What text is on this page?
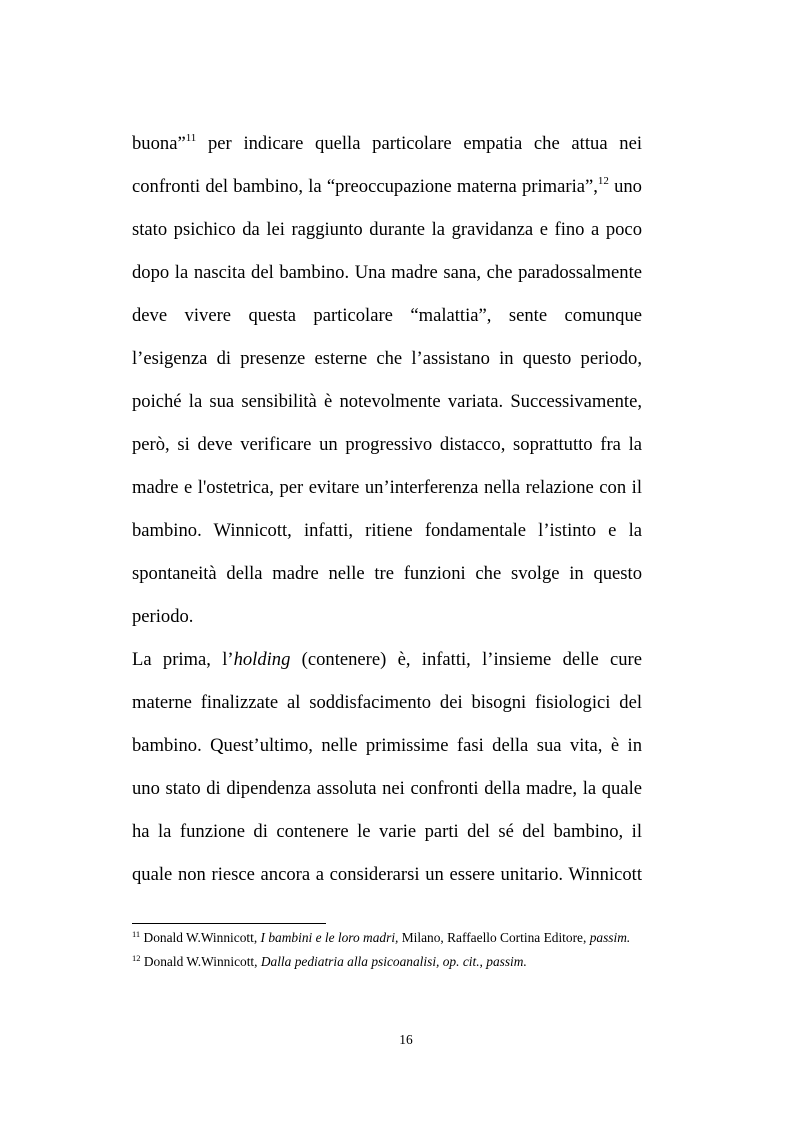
buona”$^{11}$ per indicare quella particolare empatia che attua nei
confronti del bambino, la “preoccupazione materna primaria”,$^{12}$ uno
stato psichico da lei raggiunto durante la gravidanza e fino a poco
dopo la nascita del bambino. Una madre sana, che paradossalmente
deve vivere questa particolare “malattia”, sente comunque
l’esigenza di presenze esterne che l’assistano in questo periodo,
poiché la sua sensibilità è notevolmente variata. Successivamente,
però, si deve verificare un progressivo distacco, soprattutto fra la
madre e l'ostetrica, per evitare un’interferenza nella relazione con il
bambino. Winnicott, infatti, ritiene fondamentale l’istinto e la
spontaneità della madre nelle tre funzioni che svolge in questo
periodo.
La prima, l’holding (contenere) è, infatti, l’insieme delle cure
materne finalizzate al soddisfacimento dei bisogni fisiologici del
bambino. Quest’ultimo, nelle primissime fasi della sua vita, è in
uno stato di dipendenza assoluta nei confronti della madre, la quale
ha la funzione di contenere le varie parti del sé del bambino, il
quale non riesce ancora a considerarsi un essere unitario. Winnicott
$^{11}$ Donald W.Winnicott, I bambini e le loro madri, Milano, Raffaello Cortina Editore, passim.
$^{12}$ Donald W.Winnicott, Dalla pediatria alla psicoanalisi, op. cit., passim.
16
